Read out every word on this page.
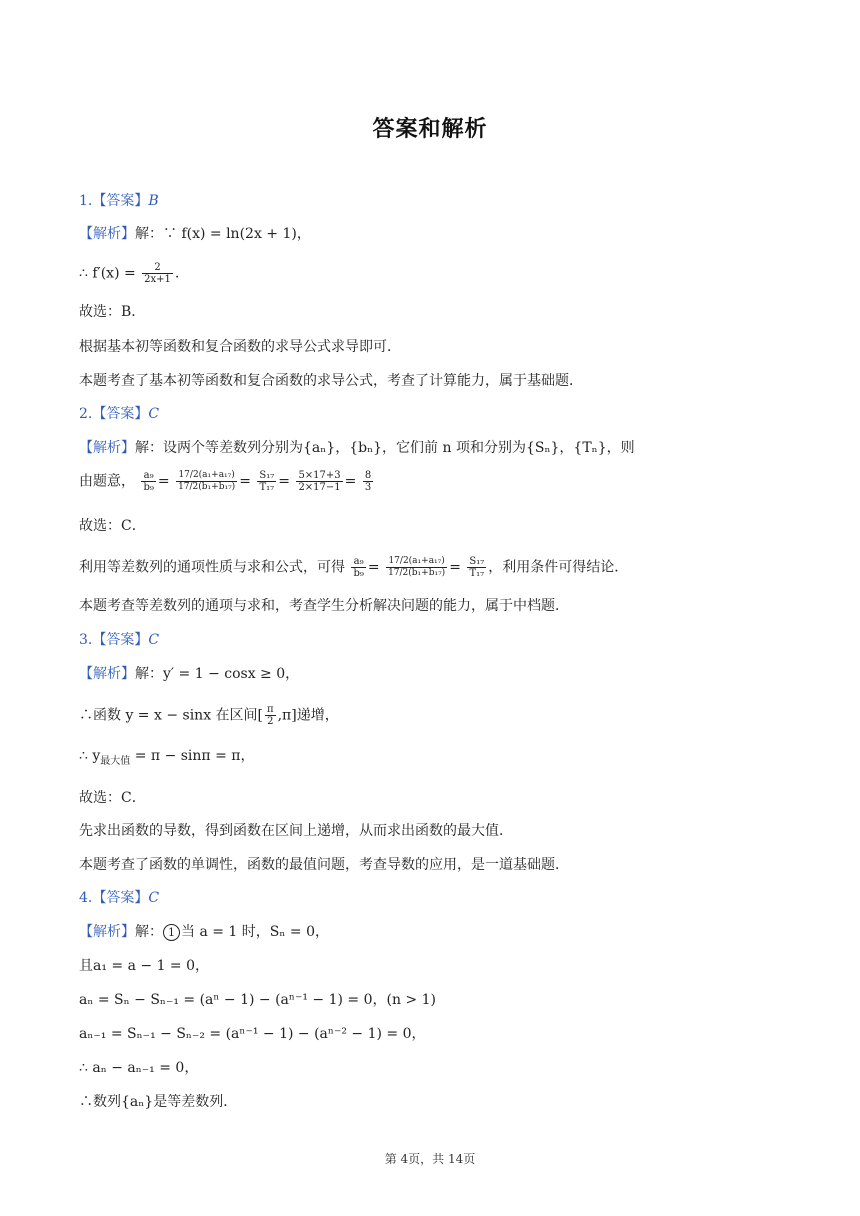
答案和解析
1.【答案】B
【解析】解：∵ f(x) = ln(2x + 1)，
∴ $f'(x) = \frac{2}{2x+1}$ .
故选：B．
根据基本初等函数和复合函数的求导公式求导即可．
本题考查了基本初等函数和复合函数的求导公式，考查了计算能力，属于基础题．
2.【答案】C
【解析】解：设两个等差数列分别为{aₙ}，{bₙ}，它们前 n 项和分别为{Sₙ}，{Tₙ}，则
由题意， $\frac{\text{a₉}}{\text{b₉}} = \frac{\text{17/2(a₁+a₁₇)}}{\text{17/2(b₁+b₁₇)}} = \frac{\text{S₁₇}}{\text{T₁₇}} = \frac{5\times 17+3}{2\times 17-1} = \frac{8}{3}$
故选：C．
利用等差数列的通项性质与求和公式，可得 $\frac{\text{a₉}}{\text{b₉}} = \frac{\text{17/2(a₁+a₁₇)}}{\text{17/2(b₁+b₁₇)}} = \frac{\text{S₁₇}}{\text{T₁₇}}$ ，利用条件可得结论．
本题考查等差数列的通项与求和，考查学生分析解决问题的能力，属于中档题．
3.【答案】C
【解析】解：y′ = 1 − cosx ≥ 0，
∴函数 y = x − sinx 在区间[ $\frac{\pi}{2} ,\pi$]递增，
∴ $y_{最大值} = \pi - \sin\pi = \pi$，
故选：C．
先求出函数的导数，得到函数在区间上递增，从而求出函数的最大值．
本题考查了函数的单调性，函数的最值问题，考查导数的应用，是一道基础题．
4.【答案】C
【解析】解： 1 当 a = 1 时，Sₙ = 0，
且a₁ = a − 1 = 0，
aₙ = Sₙ − Sₙ₋₁ = (aⁿ − 1) − (aⁿ⁻¹ − 1) = 0，(n > 1)
aₙ₋₁ = Sₙ₋₁ − Sₙ₋₂ = (aⁿ⁻¹ − 1) − (aⁿ⁻² − 1) = 0，
∴ aₙ − aₙ₋₁ = 0，
∴数列{aₙ}是等差数列．
第 4页，共 14页
